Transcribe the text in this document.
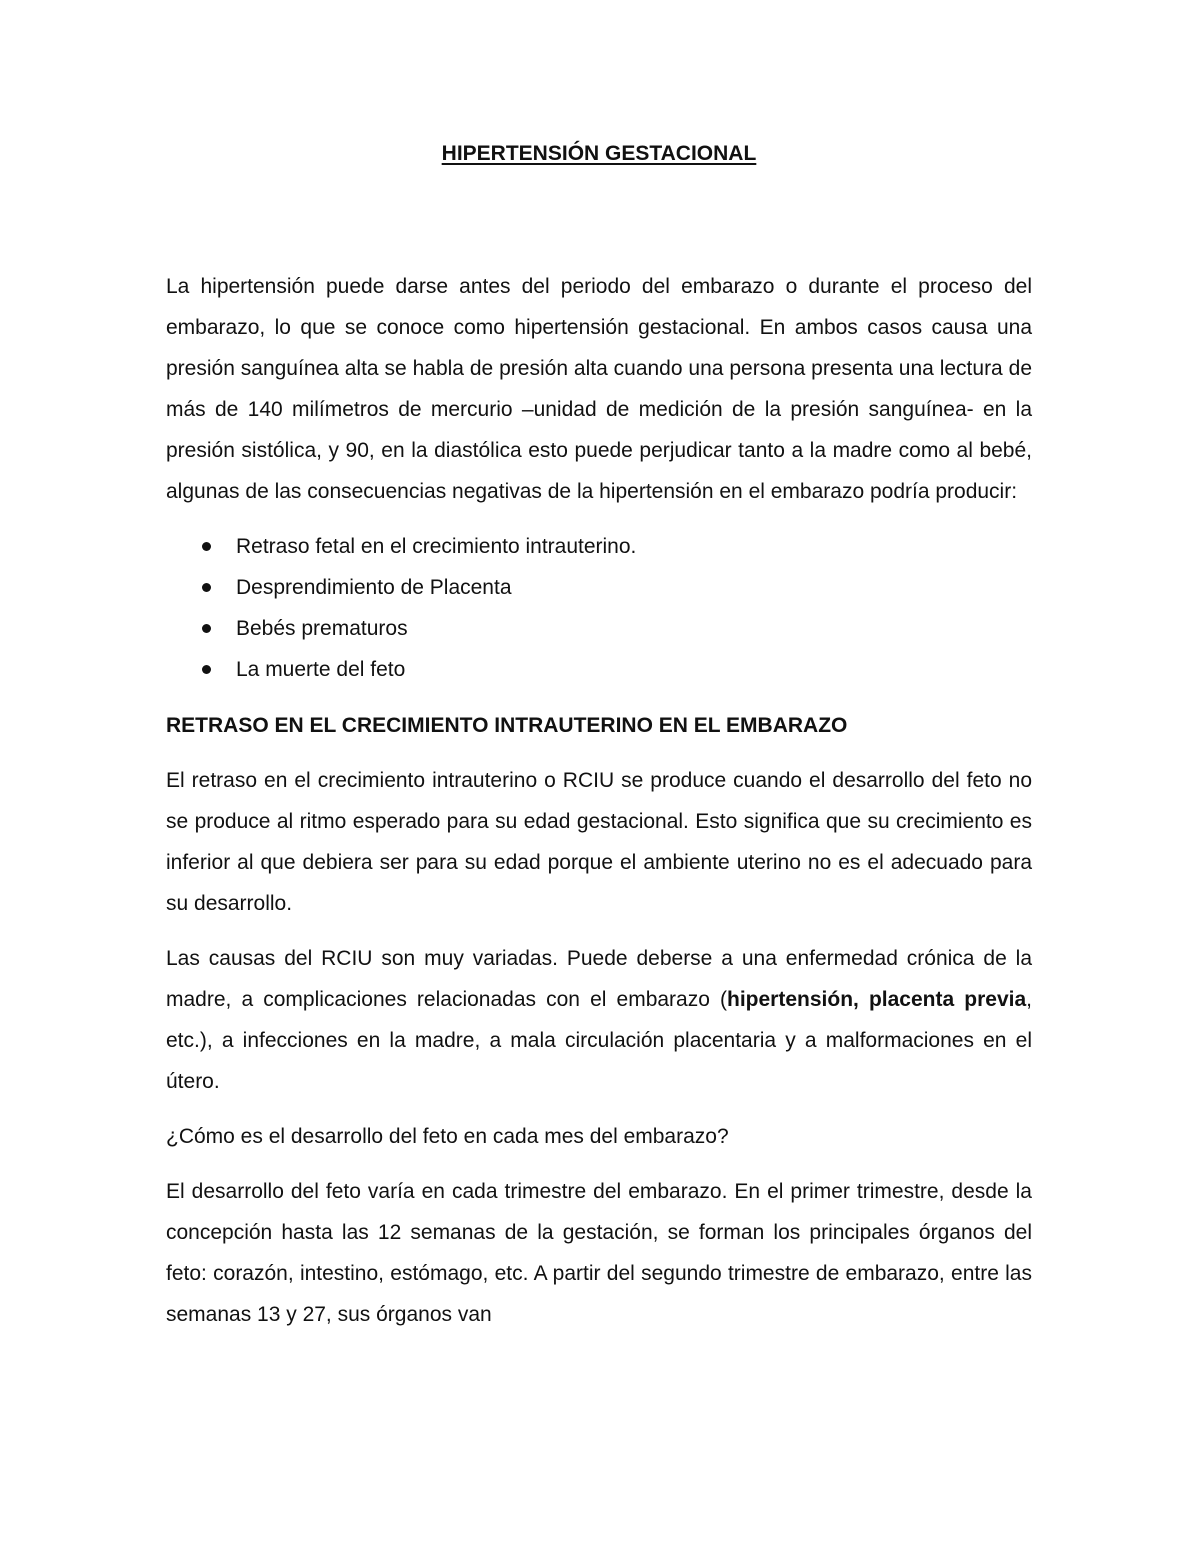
HIPERTENSIÓN GESTACIONAL

La hipertensión puede darse antes del periodo del embarazo o durante el proceso del embarazo, lo que se conoce como hipertensión gestacional. En ambos casos causa una presión sanguínea alta se habla de presión alta cuando una persona presenta una lectura de más de 140 milímetros de mercurio –unidad de medición de la presión sanguínea- en la presión sistólica, y 90, en la diastólica esto puede perjudicar tanto a la madre como al bebé, algunas de las consecuencias negativas de la hipertensión en el embarazo podría producir:

Retraso fetal en el crecimiento intrauterino.
Desprendimiento de Placenta
Bebés prematuros
La muerte del feto
RETRASO EN EL CRECIMIENTO INTRAUTERINO EN EL EMBARAZO

El retraso en el crecimiento intrauterino o RCIU se produce cuando el desarrollo del feto no se produce al ritmo esperado para su edad gestacional. Esto significa que su crecimiento es inferior al que debiera ser para su edad porque el ambiente uterino no es el adecuado para su desarrollo.

Las causas del RCIU son muy variadas. Puede deberse a una enfermedad crónica de la madre, a complicaciones relacionadas con el embarazo (hipertensión, placenta previa, etc.), a infecciones en la madre, a mala circulación placentaria y a malformaciones en el útero.

¿Cómo es el desarrollo del feto en cada mes del embarazo?

El desarrollo del feto varía en cada trimestre del embarazo. En el primer trimestre, desde la concepción hasta las 12 semanas de la gestación, se forman los principales órganos del feto: corazón, intestino, estómago, etc. A partir del segundo trimestre de embarazo, entre las semanas 13 y 27, sus órganos van
